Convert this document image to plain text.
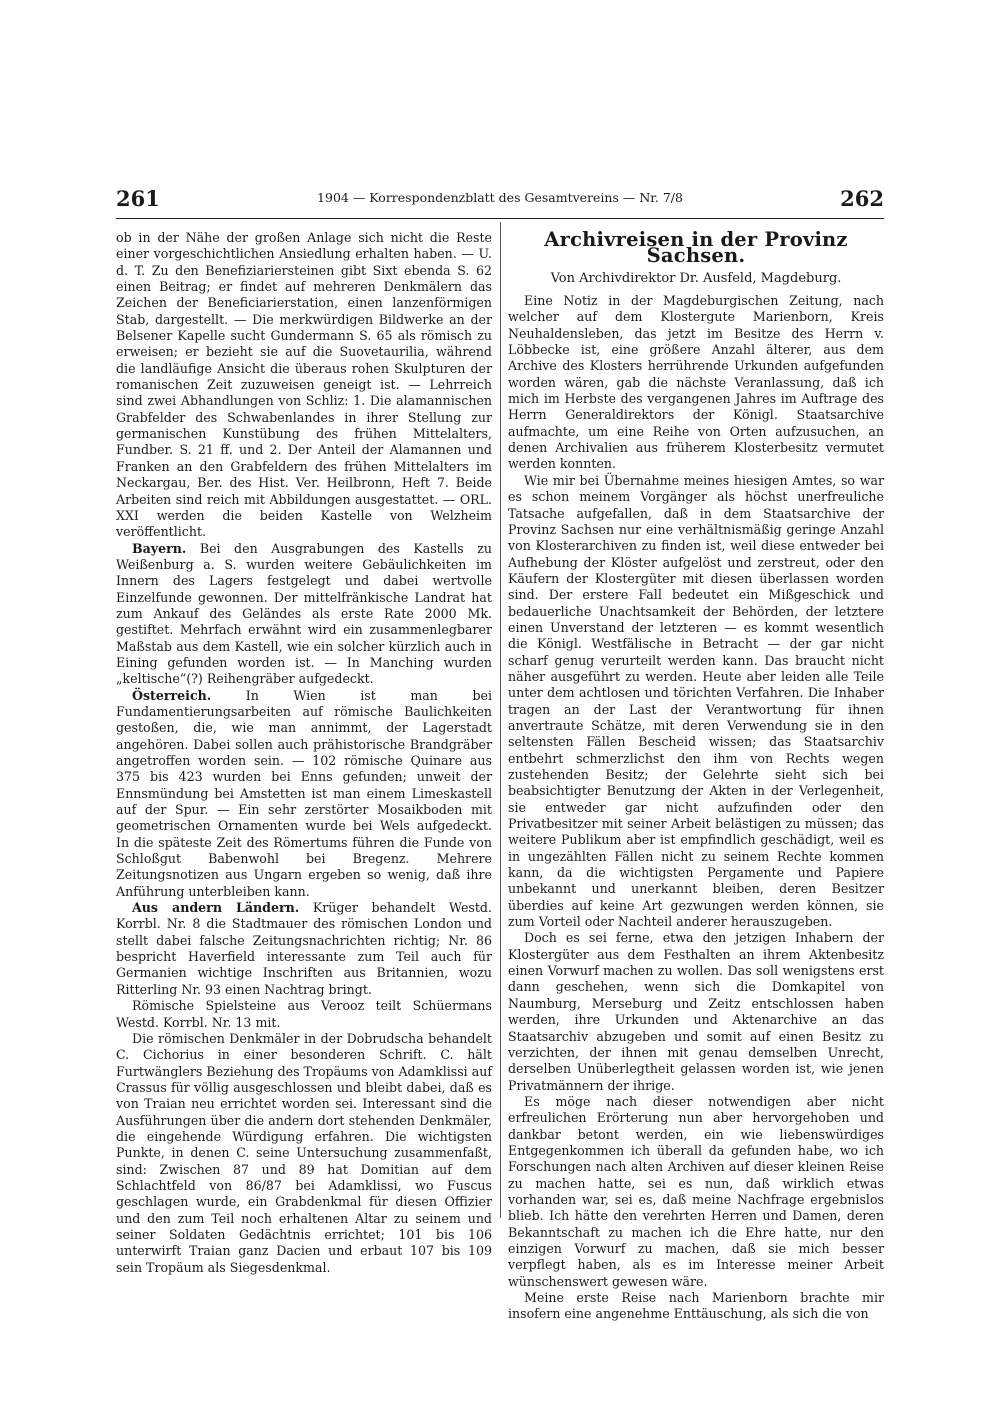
261	1904 — Korrespondenzblatt des Gesamtvereins — Nr. 7/8	262

ob in der Nähe der großen Anlage sich nicht die Reste einer vorgeschichtlichen Ansiedlung erhalten haben. — U. d. T. Zu den Benefiziariersteinen gibt Sixt ebenda S. 62 einen Beitrag; er findet auf mehreren Denkmälern das Zeichen der Beneficiarierstation, einen lanzenförmigen Stab, dargestellt. — Die merkwürdigen Bildwerke an der Belsener Kapelle sucht Gundermann S. 65 als römisch zu erweisen; er bezieht sie auf die Suovetaurilia, während die landläufige Ansicht die überaus rohen Skulpturen der romanischen Zeit zuzuweisen geneigt ist. — Lehrreich sind zwei Abhandlungen von Schliz: 1. Die alamannischen Grabfelder des Schwabenlandes in ihrer Stellung zur germanischen Kunstübung des frühen Mittelalters, Fundber. S. 21 ff. und 2. Der Anteil der Alamannen und Franken an den Grabfeldern des frühen Mittelalters im Neckargau, Ber. des Hist. Ver. Heilbronn, Heft 7. Beide Arbeiten sind reich mit Abbildungen ausgestattet. — ORL. XXI werden die beiden Kastelle von Welzheim veröffentlicht.

Bayern. Bei den Ausgrabungen des Kastells zu Weißenburg a. S. wurden weitere Gebäulichkeiten im Innern des Lagers festgelegt und dabei wertvolle Einzelfunde gewonnen. Der mittelfränkische Landrat hat zum Ankauf des Geländes als erste Rate 2000 Mk. gestiftet. Mehrfach erwähnt wird ein zusammenlegbarer Maßstab aus dem Kastell, wie ein solcher kürzlich auch in Eining gefunden worden ist. — In Manching wurden „keltische“(?) Reihengräber aufgedeckt.

Österreich. In Wien ist man bei Fundamentierungsarbeiten auf römische Baulichkeiten gestoßen, die, wie man annimmt, der Lagerstadt angehören. Dabei sollen auch prähistorische Brandgräber angetroffen worden sein. — 102 römische Quinare aus 375 bis 423 wurden bei Enns gefunden; unweit der Ennsmündung bei Amstetten ist man einem Limeskastell auf der Spur. — Ein sehr zerstörter Mosaikboden mit geometrischen Ornamenten wurde bei Wels aufgedeckt. In die späteste Zeit des Römertums führen die Funde von Schloßgut Babenwohl bei Bregenz. Mehrere Zeitungsnotizen aus Ungarn ergeben so wenig, daß ihre Anführung unterbleiben kann.

Aus andern Ländern. Krüger behandelt Westd. Korrbl. Nr. 8 die Stadtmauer des römischen London und stellt dabei falsche Zeitungsnachrichten richtig; Nr. 86 bespricht Haverfield interessante zum Teil auch für Germanien wichtige Inschriften aus Britannien, wozu Ritterling Nr. 93 einen Nachtrag bringt.

Römische Spielsteine aus Verooz teilt Schüermans Westd. Korrbl. Nr. 13 mit.

Die römischen Denkmäler in der Dobrudscha behandelt C. Cichorius in einer besonderen Schrift. C. hält Furtwänglers Beziehung des Tropäums von Adamklissi auf Crassus für völlig ausgeschlossen und bleibt dabei, daß es von Traian neu errichtet worden sei. Interessant sind die Ausführungen über die andern dort stehenden Denkmäler, die eingehende Würdigung erfahren. Die wichtigsten Punkte, in denen C. seine Untersuchung zusammenfaßt, sind: Zwischen 87 und 89 hat Domitian auf dem Schlachtfeld von 86/87 bei Adamklissi, wo Fuscus geschlagen wurde, ein Grabdenkmal für diesen Offizier und den zum Teil noch erhaltenen Altar zu seinem und seiner Soldaten Gedächtnis errichtet; 101 bis 106 unterwirft Traian ganz Dacien und erbaut 107 bis 109 sein Tropäum als Siegesdenkmal.

Archivreisen in der Provinz Sachsen.
Von Archivdirektor Dr. Ausfeld, Magdeburg.

Eine Notiz in der Magdeburgischen Zeitung, nach welcher auf dem Klostergute Marienborn, Kreis Neuhaldensleben, das jetzt im Besitze des Herrn v. Löbbecke ist, eine größere Anzahl älterer, aus dem Archive des Klosters herrührende Urkunden aufgefunden worden wären, gab die nächste Veranlassung, daß ich mich im Herbste des vergangenen Jahres im Auftrage des Herrn Generaldirektors der Königl. Staatsarchive aufmachte, um eine Reihe von Orten aufzusuchen, an denen Archivalien aus früherem Klosterbesitz vermutet werden konnten.

Wie mir bei Übernahme meines hiesigen Amtes, so war es schon meinem Vorgänger als höchst unerfreuliche Tatsache aufgefallen, daß in dem Staatsarchive der Provinz Sachsen nur eine verhältnismäßig geringe Anzahl von Klosterarchiven zu finden ist, weil diese entweder bei Aufhebung der Klöster aufgelöst und zerstreut, oder den Käufern der Klostergüter mit diesen überlassen worden sind. Der erstere Fall bedeutet ein Mißgeschick und bedauerliche Unachtsamkeit der Behörden, der letztere einen Unverstand der letzteren — es kommt wesentlich die Königl. Westfälische in Betracht — der gar nicht scharf genug verurteilt werden kann. Das braucht nicht näher ausgeführt zu werden. Heute aber leiden alle Teile unter dem achtlosen und törichten Verfahren. Die Inhaber tragen an der Last der Verantwortung für ihnen anvertraute Schätze, mit deren Verwendung sie in den seltensten Fällen Bescheid wissen; das Staatsarchiv entbehrt schmerzlichst den ihm von Rechts wegen zustehenden Besitz; der Gelehrte sieht sich bei beabsichtigter Benutzung der Akten in der Verlegenheit, sie entweder gar nicht aufzufinden oder den Privatbesitzer mit seiner Arbeit belästigen zu müssen; das weitere Publikum aber ist empfindlich geschädigt, weil es in ungezählten Fällen nicht zu seinem Rechte kommen kann, da die wichtigsten Pergamente und Papiere unbekannt und unerkannt bleiben, deren Besitzer überdies auf keine Art gezwungen werden können, sie zum Vorteil oder Nachteil anderer herauszugeben.

Doch es sei ferne, etwa den jetzigen Inhabern der Klostergüter aus dem Festhalten an ihrem Aktenbesitz einen Vorwurf machen zu wollen. Das soll wenigstens erst dann geschehen, wenn sich die Domkapitel von Naumburg, Merseburg und Zeitz entschlossen haben werden, ihre Urkunden und Aktenarchive an das Staatsarchiv abzugeben und somit auf einen Besitz zu verzichten, der ihnen mit genau demselben Unrecht, derselben Unüberlegtheit gelassen worden ist, wie jenen Privatmännern der ihrige.

Es möge nach dieser notwendigen aber nicht erfreulichen Erörterung nun aber hervorgehoben und dankbar betont werden, ein wie liebenswürdiges Entgegenkommen ich überall da gefunden habe, wo ich Forschungen nach alten Archiven auf dieser kleinen Reise zu machen hatte, sei es nun, daß wirklich etwas vorhanden war, sei es, daß meine Nachfrage ergebnislos blieb. Ich hätte den verehrten Herren und Damen, deren Bekanntschaft zu machen ich die Ehre hatte, nur den einzigen Vorwurf zu machen, daß sie mich besser verpflegt haben, als es im Interesse meiner Arbeit wünschenswert gewesen wäre.

Meine erste Reise nach Marienborn brachte mir insofern eine angenehme Enttäuschung, als sich die von
